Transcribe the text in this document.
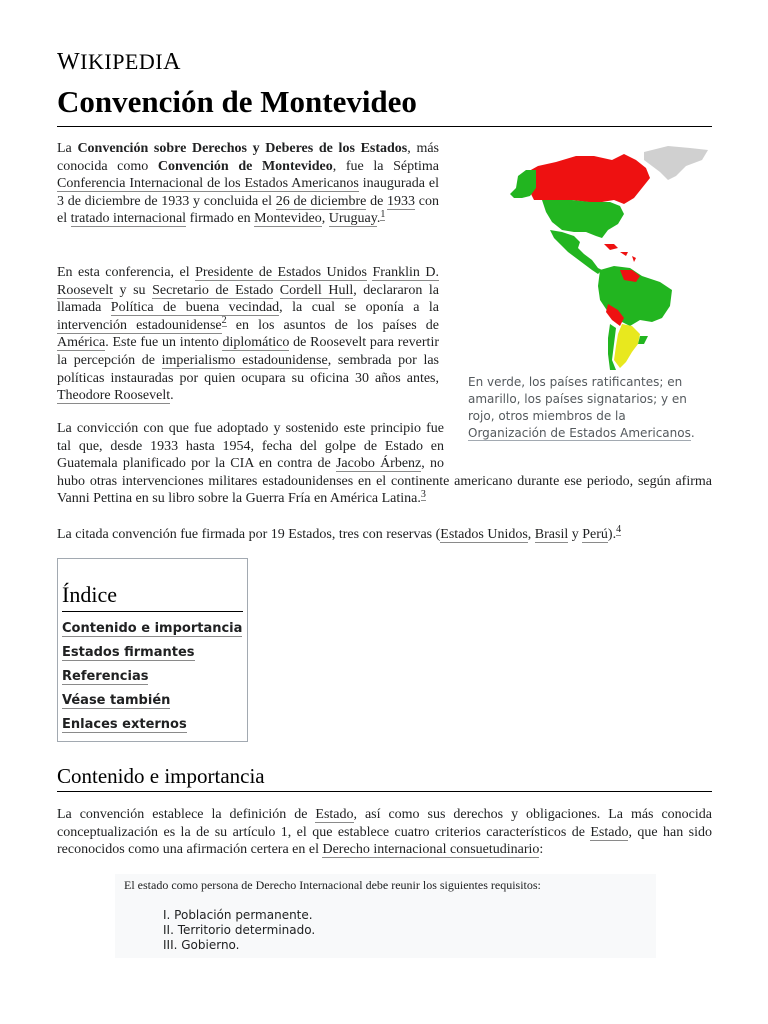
WIKIPEDIA
Convención de Montevideo

La Convención sobre Derechos y Deberes de los Estados, más conocida como Convención de Montevideo, fue la Séptima Conferencia Internacional de los Estados Americanos inaugurada el 3 de diciembre de 1933 y concluida el 26 de diciembre de 1933 con el tratado internacional firmado en Montevideo, Uruguay.$^1$

En esta conferencia, el Presidente de Estados Unidos Franklin D. Roosevelt y su Secretario de Estado Cordell Hull, declararon la llamada Política de buena vecindad, la cual se oponía a la intervención estadounidense$^2$ en los asuntos de los países de América. Este fue un intento diplomático de Roosevelt para revertir la percepción de imperialismo estadounidense, sembrada por las políticas instauradas por quien ocupara su oficina 30 años antes, Theodore Roosevelt.

En verde, los países ratificantes; en amarillo, los países signatarios; y en rojo, otros miembros de la Organización de Estados Americanos.

La convicción con que fue adoptado y sostenido este principio fue tal que, desde 1933 hasta 1954, fecha del golpe de Estado en Guatemala planificado por la CIA en contra de Jacobo Árbenz, no hubo otras intervenciones militares estadounidenses en el continente americano durante ese periodo, según afirma Vanni Pettina en su libro sobre la Guerra Fría en América Latina.$^3$

La citada convención fue firmada por 19 Estados, tres con reservas (Estados Unidos, Brasil y Perú).$^4$

Índice
Contenido e importancia
Estados firmantes
Referencias
Véase también
Enlaces externos
Contenido e importancia

La convención establece la definición de Estado, así como sus derechos y obligaciones. La más conocida conceptualización es la de su artículo 1, el que establece cuatro criterios característicos de Estado, que han sido reconocidos como una afirmación certera en el Derecho internacional consuetudinario:

El estado como persona de Derecho Internacional debe reunir los siguientes requisitos:
I. Población permanente.
II. Territorio determinado.
III. Gobierno.
